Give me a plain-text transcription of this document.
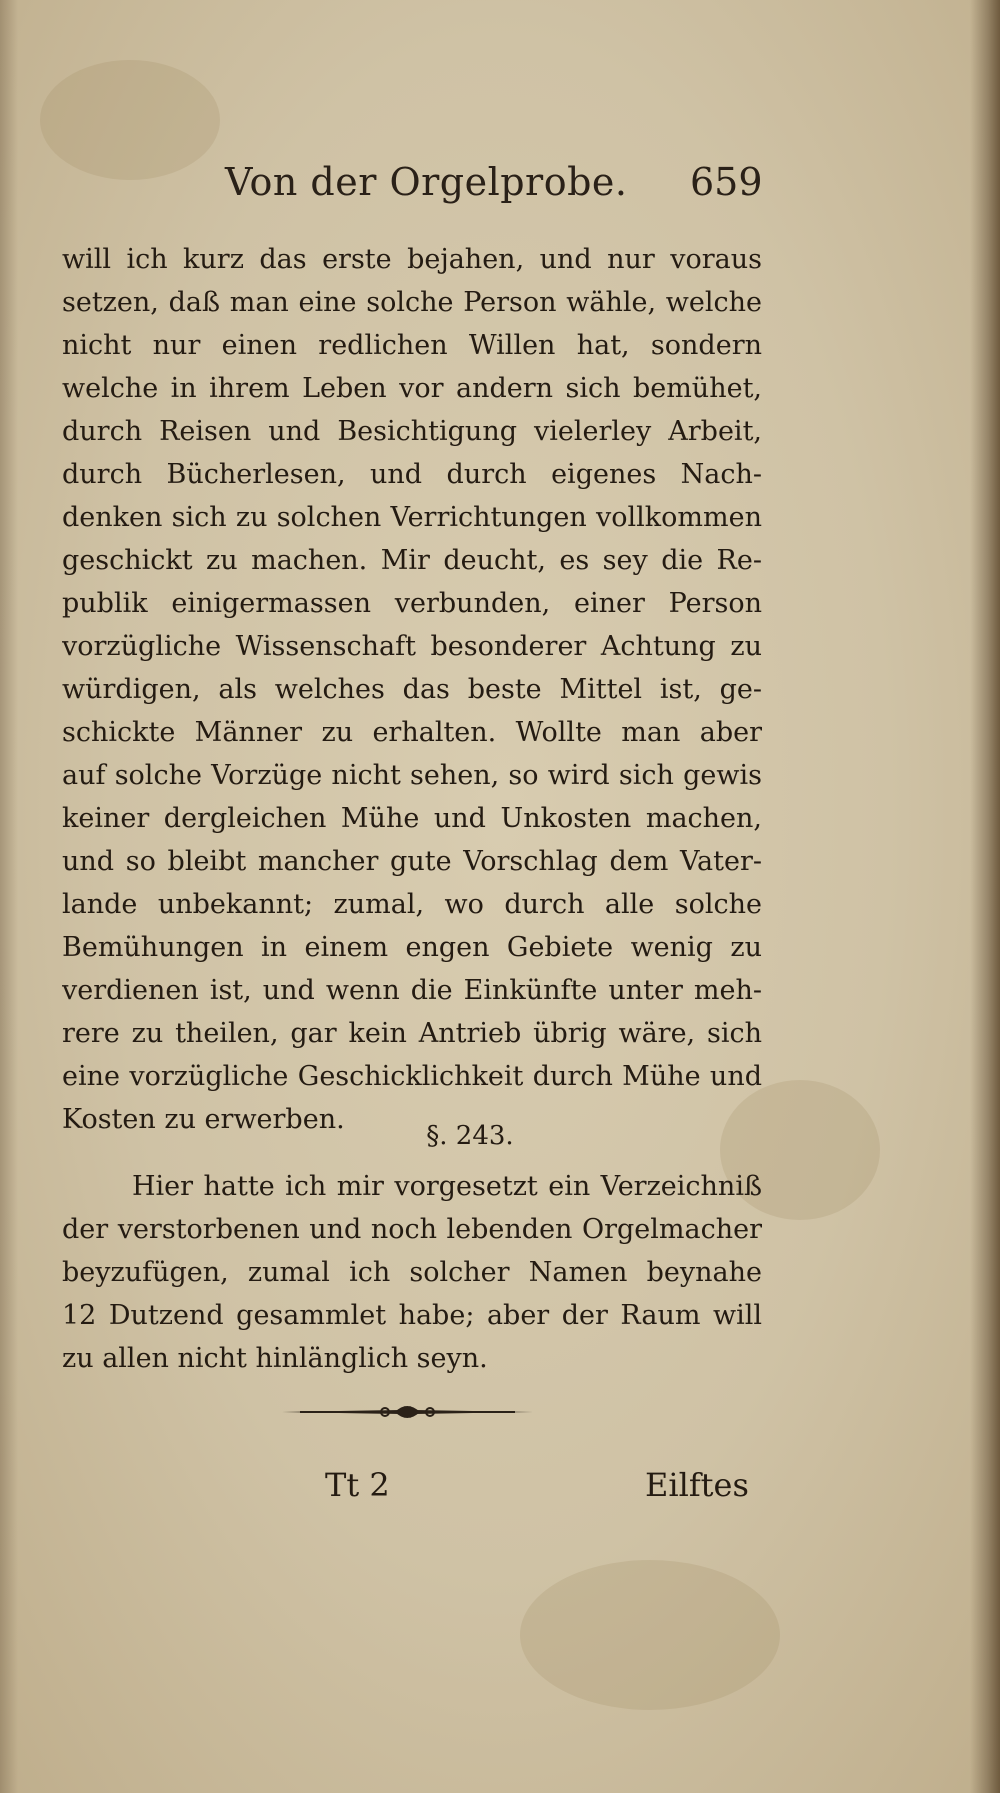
Von der Orgelprobe. 659
will ich kurz das erste bejahen, und nur voraus
setzen, daß man eine solche Person wähle, welche
nicht nur einen redlichen Willen hat, sondern
welche in ihrem Leben vor andern sich bemühet,
durch Reisen und Besichtigung vielerley Arbeit,
durch Bücherlesen, und durch eigenes Nach-
denken sich zu solchen Verrichtungen vollkommen
geschickt zu machen. Mir deucht, es sey die Re-
publik einigermassen verbunden, einer Person
vorzügliche Wissenschaft besonderer Achtung zu
würdigen, als welches das beste Mittel ist, ge-
schickte Männer zu erhalten. Wollte man aber
auf solche Vorzüge nicht sehen, so wird sich gewis
keiner dergleichen Mühe und Unkosten machen,
und so bleibt mancher gute Vorschlag dem Vater-
lande unbekannt; zumal, wo durch alle solche
Bemühungen in einem engen Gebiete wenig zu
verdienen ist, und wenn die Einkünfte unter meh-
rere zu theilen, gar kein Antrieb übrig wäre, sich
eine vorzügliche Geschicklichkeit durch Mühe und
Kosten zu erwerben.
§. 243.
Hier hatte ich mir vorgesetzt ein Verzeichniß
der verstorbenen und noch lebenden Orgelmacher
beyzufügen, zumal ich solcher Namen beynahe
12 Dutzend gesammlet habe; aber der Raum will
zu allen nicht hinlänglich seyn.
Tt 2	Eilftes
